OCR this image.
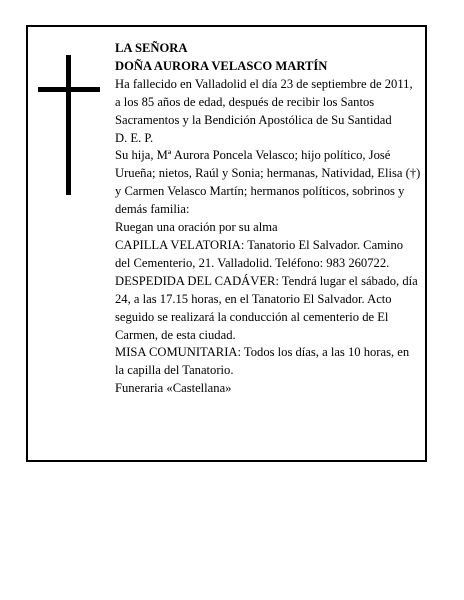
LA SEÑORA

DOÑA AURORA VELASCO MARTÍN

Ha fallecido en Valladolid el día 23 de septiembre de 2011, a los 85 años de edad, después de recibir los Santos Sacramentos y la Bendición Apostólica de Su Santidad

D. E. P.

Su hija, Mª Aurora Poncela Velasco; hijo político, José Urueña; nietos, Raúl y Sonia; hermanas, Natividad, Elisa (†) y Carmen Velasco Martín; hermanos políticos, sobrinos y demás familia:

Ruegan una oración por su alma

CAPILLA VELATORIA: Tanatorio El Salvador. Camino del Cementerio, 21. Valladolid. Teléfono: 983 260722.

DESPEDIDA DEL CADÁVER: Tendrá lugar el sábado, día 24, a las 17.15 horas, en el Tanatorio El Salvador. Acto seguido se realizará la conducción al cementerio de El Carmen, de esta ciudad.

MISA COMUNITARIA: Todos los días, a las 10 horas, en la capilla del Tanatorio.

Funeraria «Castellana»
